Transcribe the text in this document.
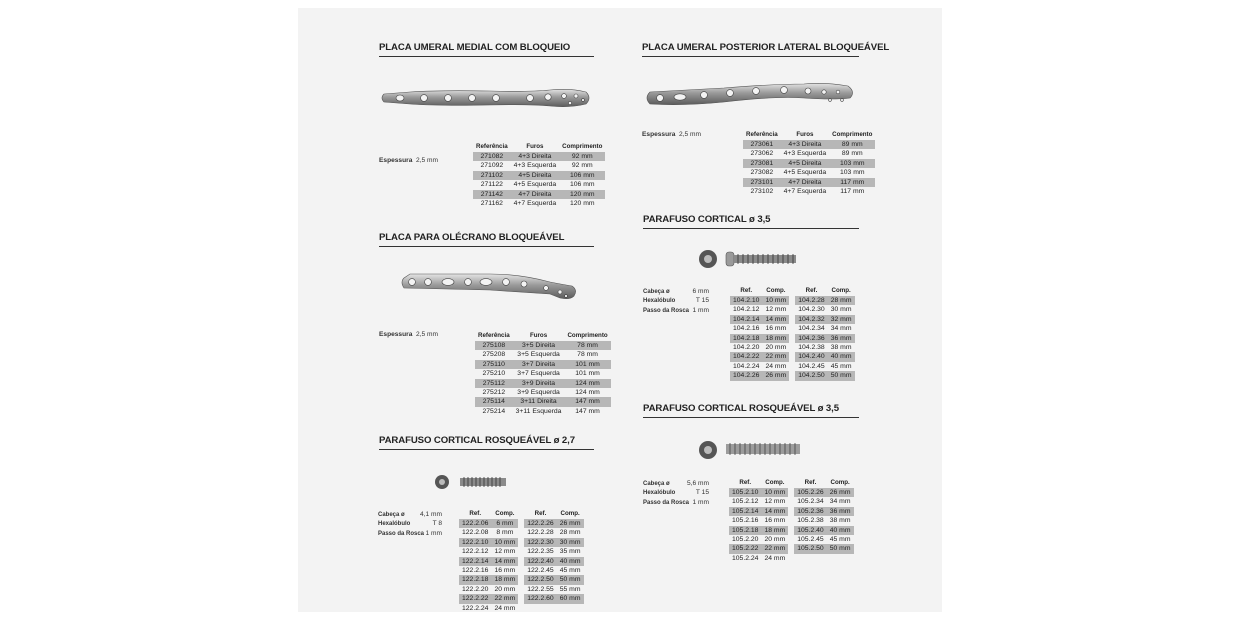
PLACA UMERAL MEDIAL COM BLOQUEIO
Espessura 2,5 mm
Referência	Furos	Comprimento
271082	4+3 Direita	92 mm
271092	4+3 Esquerda	92 mm
271102	4+5 Direita	106 mm
271122	4+5 Esquerda	106 mm
271142	4+7 Direita	120 mm
271162	4+7 Esquerda	120 mm
PLACA PARA OLÉCRANO BLOQUEÁVEL
Espessura 2,5 mm	Referência	Furos	Comprimento
275108	3+5 Direita	78 mm
275208	3+5 Esquerda	78 mm
275110	3+7 Direita	101 mm
275210	3+7 Esquerda	101 mm
275112	3+9 Direita	124 mm
275212	3+9 Esquerda	124 mm
275114	3+11 Direita	147 mm
275214	3+11 Esquerda	147 mm
PARAFUSO CORTICAL ROSQUEÁVEL ø 2,7
Cabeça ø 4,1 mm
Hexalóbulo	T 8
Passo da Rosca 1 mm
Ref.	Comp.		Ref.	Comp.
122.2.06	6 mm		122.2.26	26 mm
122.2.08	8 mm		122.2.28	28 mm
122.2.10	10 mm		122.2.30	30 mm
122.2.12	12 mm		122.2.35	35 mm
122.2.14	14 mm		122.2.40	40 mm
122.2.16	16 mm		122.2.45	45 mm
122.2.18	18 mm		122.2.50	50 mm
122.2.20	20 mm		122.2.55	55 mm
122.2.22	22 mm		122.2.60	60 mm
122.2.24	24 mm			
PLACA UMERAL POSTERIOR LATERAL BLOQUEÁVEL
Espessura 2,5 mm	Referência	Furos	Comprimento
273061	4+3 Direita	89 mm
273062	4+3 Esquerda	89 mm
273081	4+5 Direita	103 mm
273082	4+5 Esquerda	103 mm
273101	4+7 Direita	117 mm
273102	4+7 Esquerda	117 mm
PARAFUSO CORTICAL ø 3,5
Cabeça ø	6 mm
Hexalóbulo	T 15
Passo da Rosca 1 mm
Ref.	Comp.		Ref.	Comp.
104.2.10	10 mm		104.2.28	28 mm
104.2.12	12 mm		104.2.30	30 mm
104.2.14	14 mm		104.2.32	32 mm
104.2.16	16 mm		104.2.34	34 mm
104.2.18	18 mm		104.2.36	36 mm
104.2.20	20 mm		104.2.38	38 mm
104.2.22	22 mm		104.2.40	40 mm
104.2.24	24 mm		104.2.45	45 mm
104.2.26	26 mm		104.2.50	50 mm
PARAFUSO CORTICAL ROSQUEÁVEL ø 3,5
Cabeça ø	5,6 mm
Hexalóbulo	T 15
Passo da Rosca 1 mm
Ref.	Comp.		Ref.	Comp.
105.2.10	10 mm		105.2.26	26 mm
105.2.12	12 mm		105.2.34	34 mm
105.2.14	14 mm		105.2.36	36 mm
105.2.16	16 mm		105.2.38	38 mm
105.2.18	18 mm		105.2.40	40 mm
105.2.20	20 mm		105.2.45	45 mm
105.2.22	22 mm		105.2.50	50 mm
105.2.24	24 mm			
